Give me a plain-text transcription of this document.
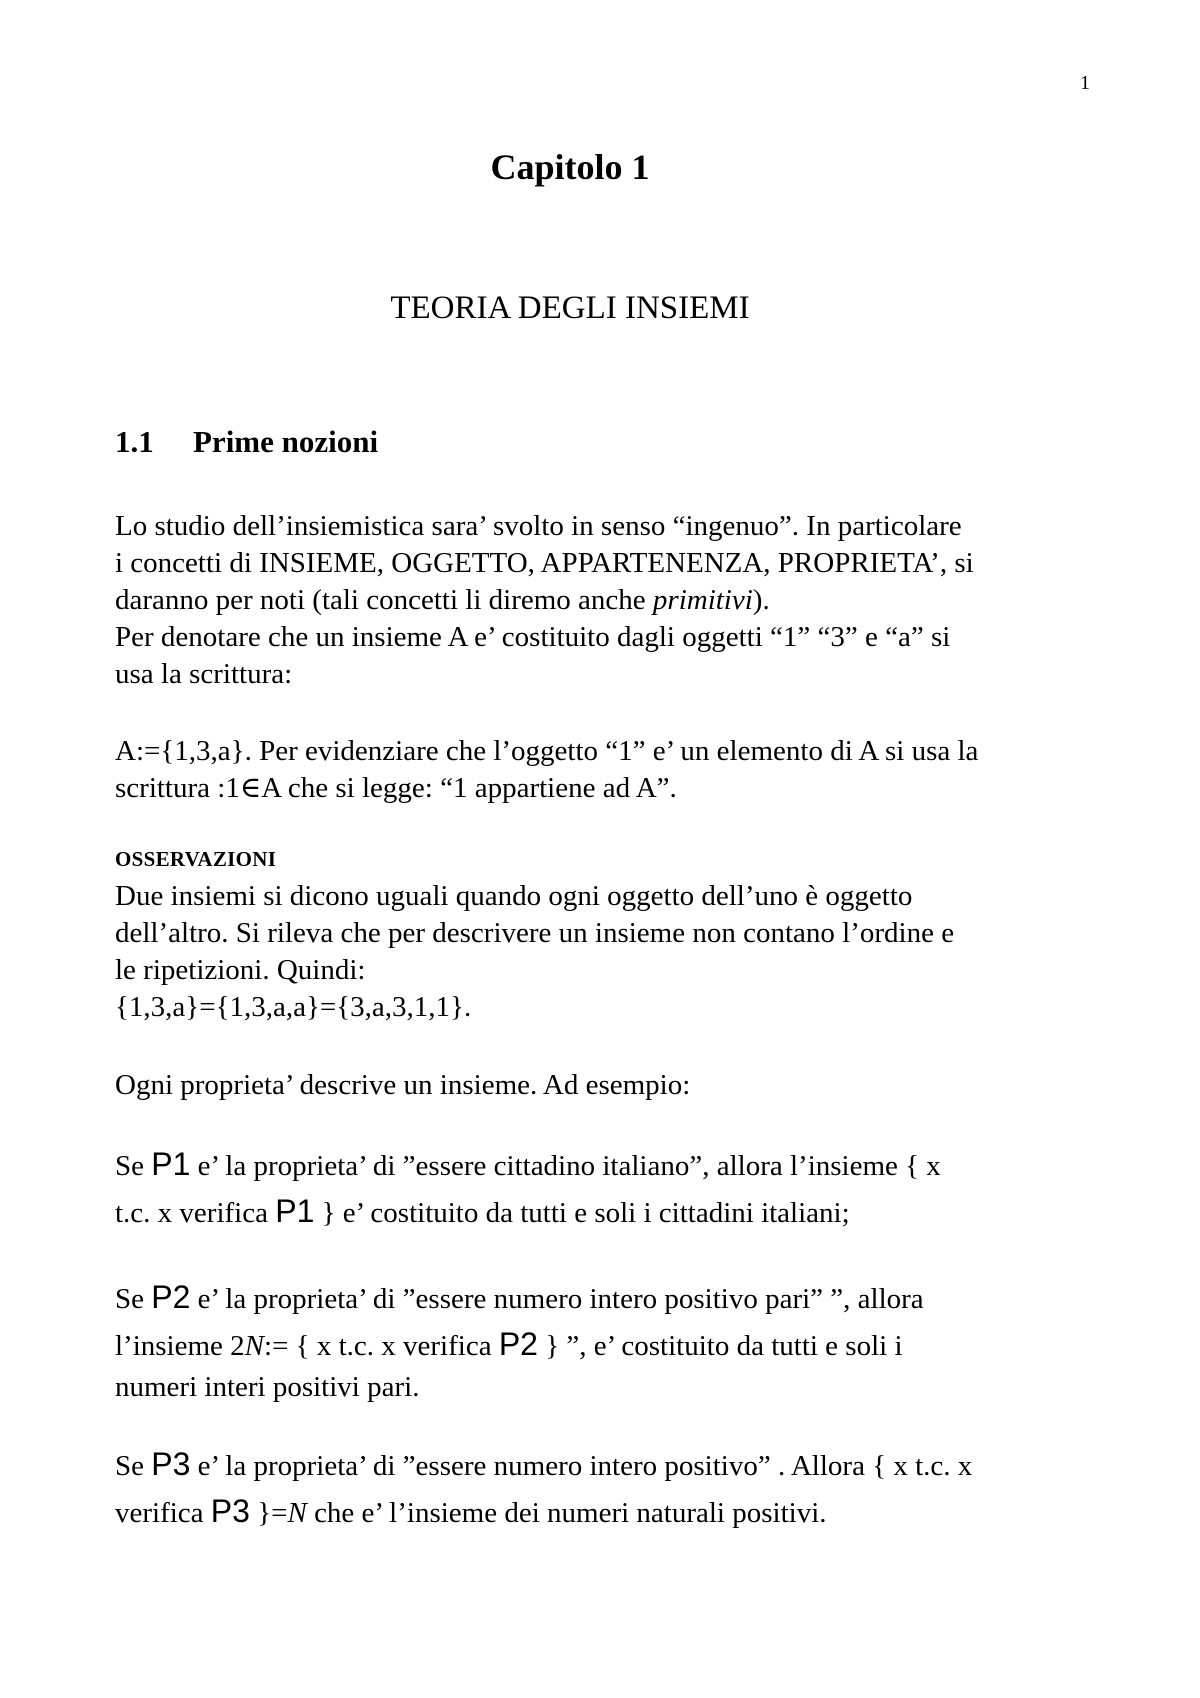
1
Capitolo 1
TEORIA DEGLI INSIEMI
1.1 Prime nozioni

Lo studio dell’insiemistica sara’ svolto in senso “ingenuo”. In particolare

i concetti di INSIEME, OGGETTO, APPARTENENZA, PROPRIETA’, si

daranno per noti (tali concetti li diremo anche primitivi).

Per denotare che un insieme A e’ costituito dagli oggetti “1” “3” e “a” si

usa la scrittura:

A:={1,3,a}. Per evidenziare che l’oggetto “1” e’ un elemento di A si usa la

scrittura :1∈A che si legge: “1 appartiene ad A”.

OSSERVAZIONI

Due insiemi si dicono uguali quando ogni oggetto dell’uno è oggetto

dell’altro. Si rileva che per descrivere un insieme non contano l’ordine e

le ripetizioni. Quindi:

{1,3,a}={1,3,a,a}={3,a,3,1,1}.

Ogni proprieta’ descrive un insieme. Ad esempio:

Se P1 e’ la proprieta’ di ”essere cittadino italiano”, allora l’insieme { x

t.c. x verifica P1 } e’ costituito da tutti e soli i cittadini italiani;

Se P2 e’ la proprieta’ di ”essere numero intero positivo pari” ”, allora

l’insieme 2N:= { x t.c. x verifica P2 } ”, e’ costituito da tutti e soli i

numeri interi positivi pari.

Se P3 e’ la proprieta’ di ”essere numero intero positivo” . Allora { x t.c. x

verifica P3 }=N che e’ l’insieme dei numeri naturali positivi.
